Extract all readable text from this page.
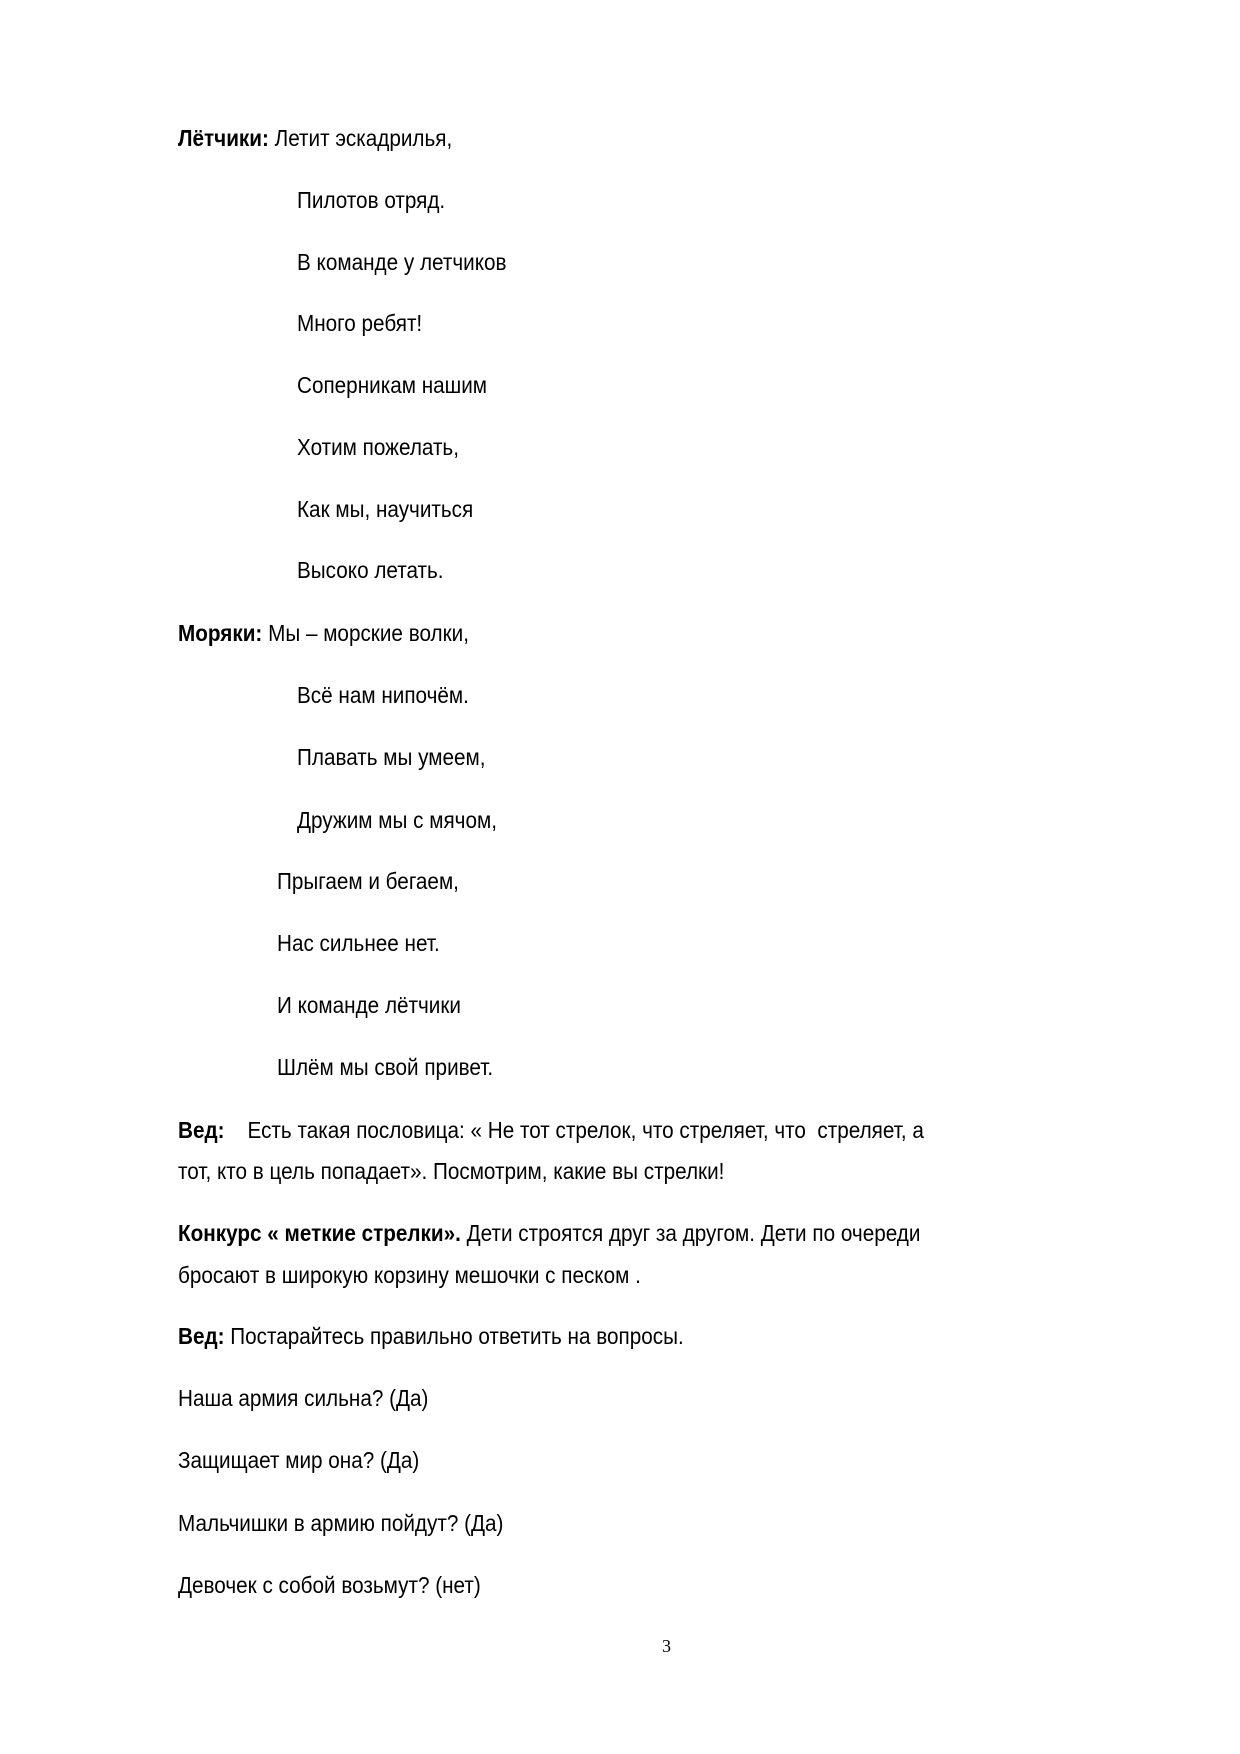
Лётчики: Летит эскадрилья,
Пилотов отряд.
В команде у летчиков
Много ребят!
Соперникам нашим
Хотим пожелать,
Как мы, научиться
Высоко летать.
Моряки: Мы – морские волки,
Всё нам нипочём.
Плавать мы умеем,
Дружим мы с мячом,
Прыгаем и бегаем,
Нас сильнее нет.
И команде лётчики
Шлём мы свой привет.
Вед:    Есть такая пословица: « Не тот стрелок, что стреляет, что  стреляет, а
тот, кто в цель попадает». Посмотрим, какие вы стрелки!
Конкурс « меткие стрелки». Дети строятся друг за другом. Дети по очереди
бросают в широкую корзину мешочки с песком .
Вед: Постарайтесь правильно ответить на вопросы.
Наша армия сильна? (Да)
Защищает мир она? (Да)
Мальчишки в армию пойдут? (Да)
Девочек с собой возьмут? (нет)
3
